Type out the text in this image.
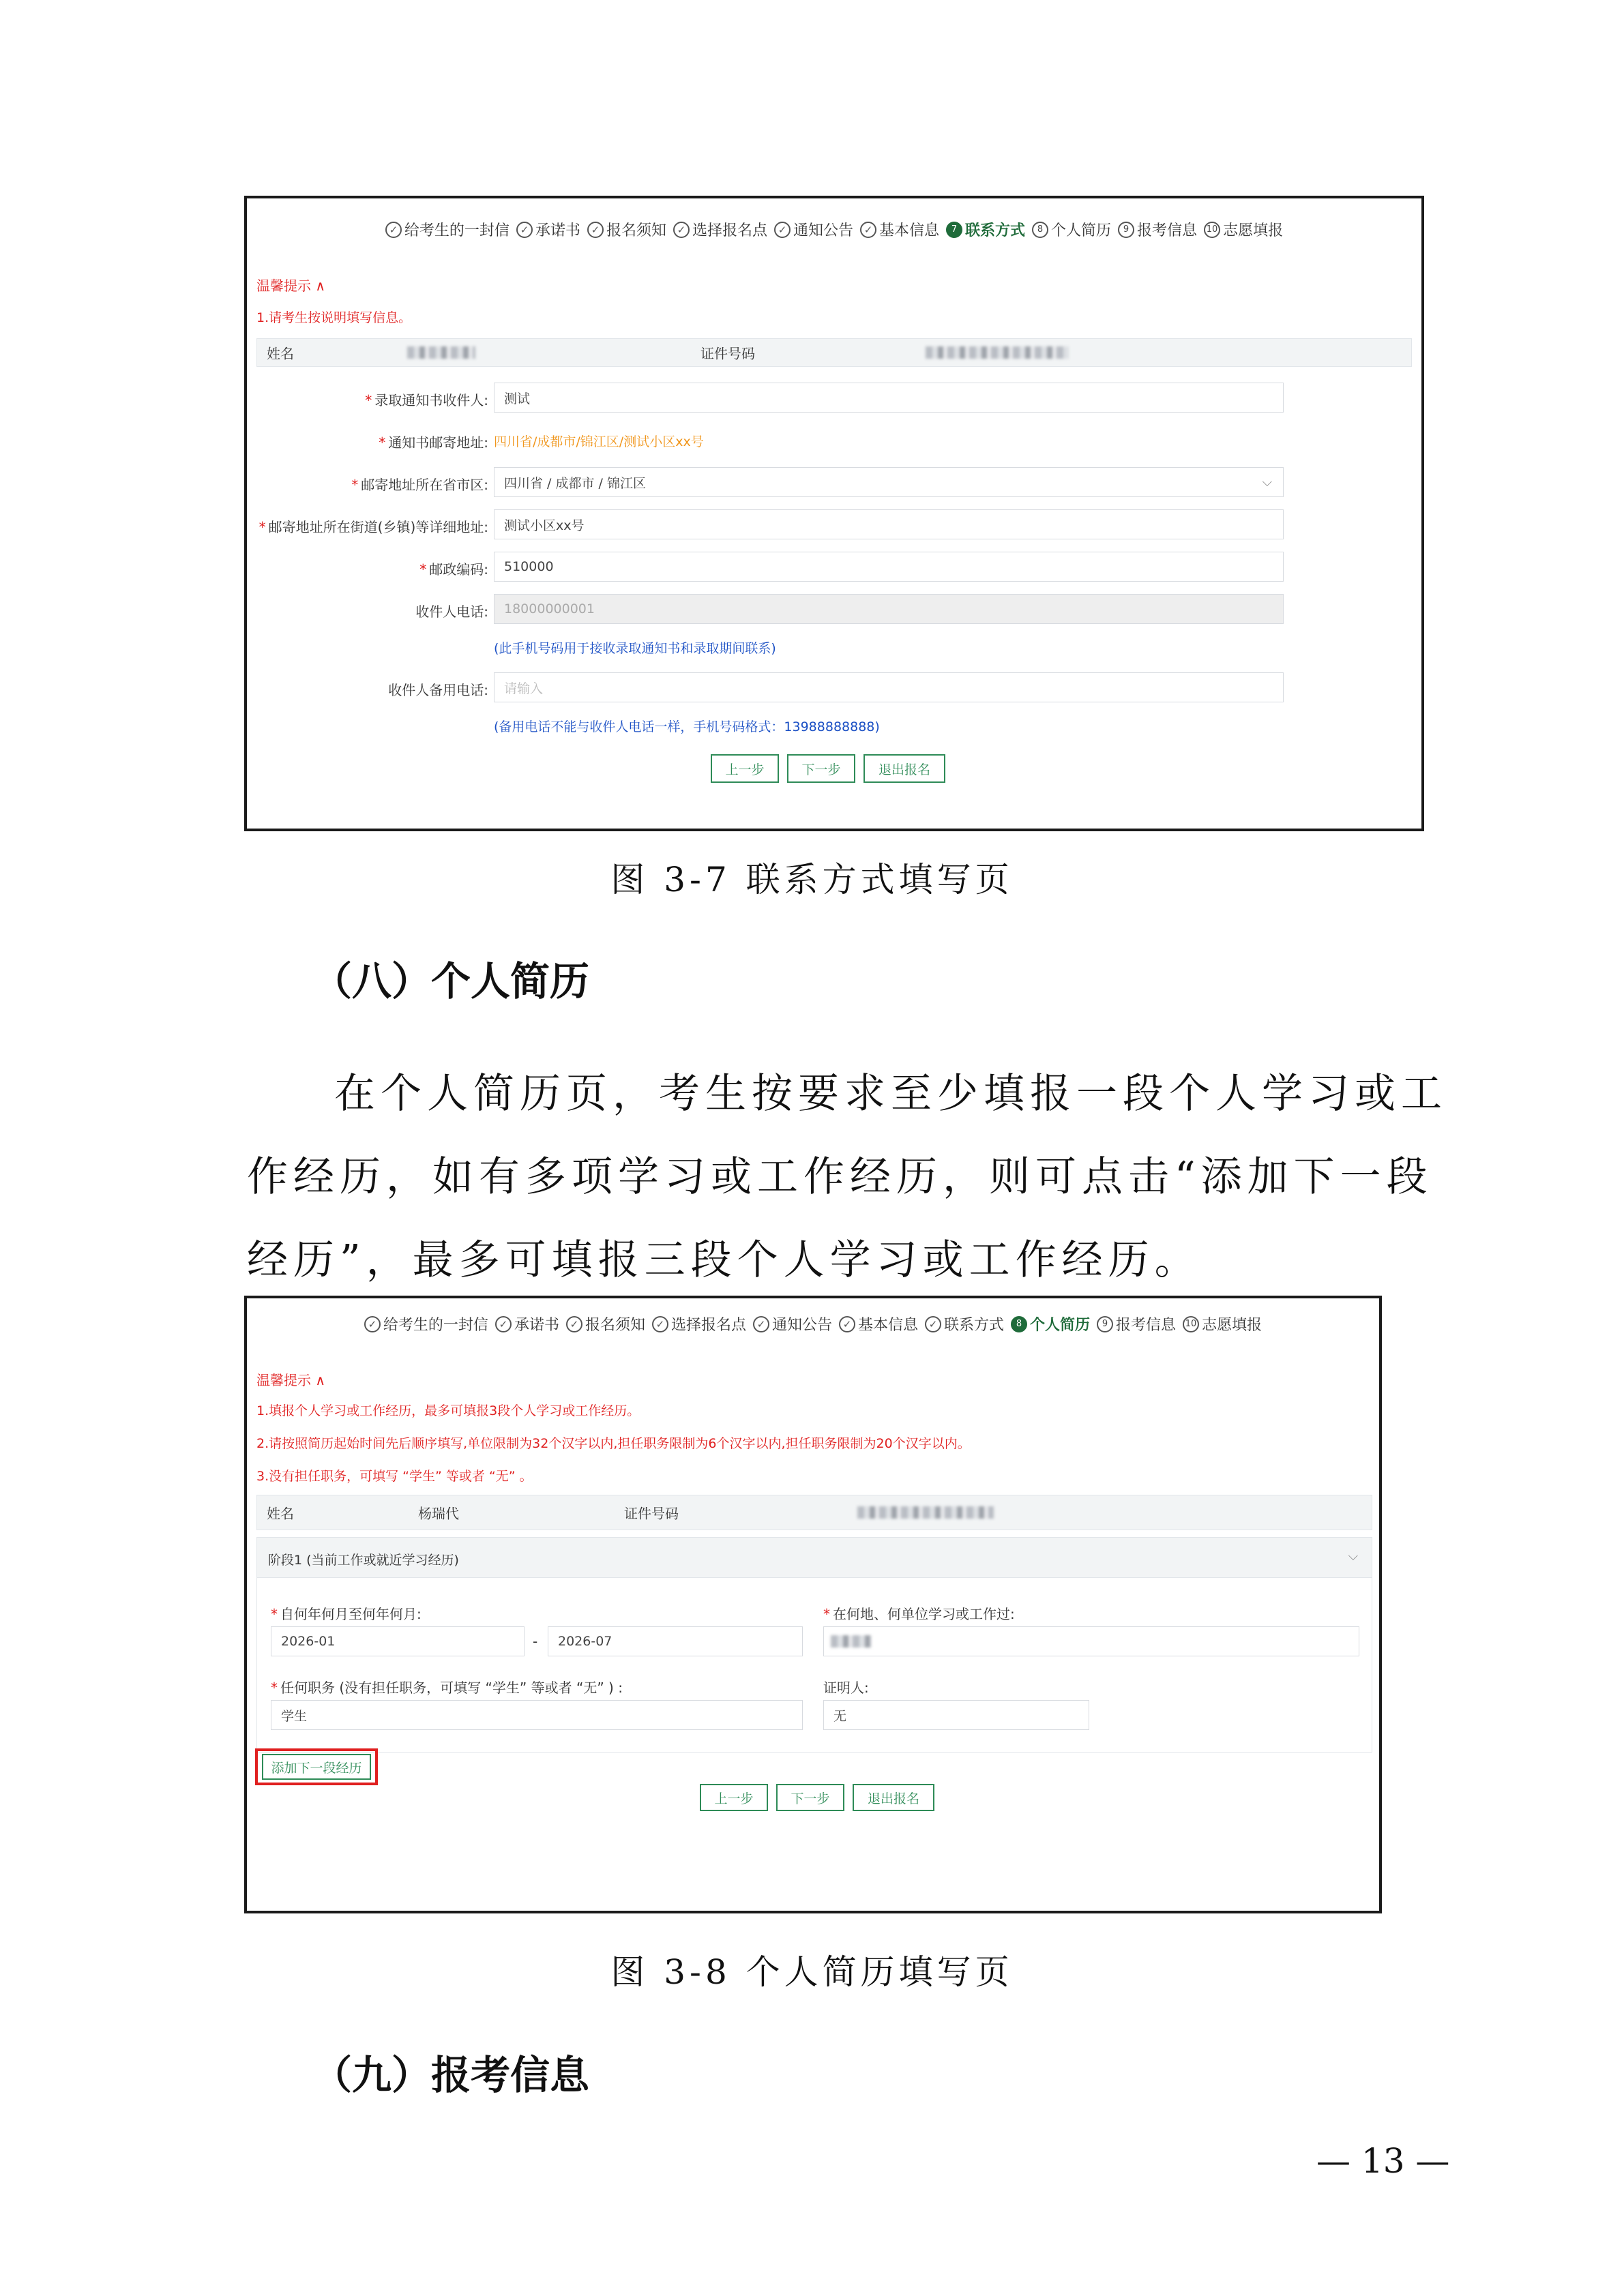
✓ 给考生的一封信	✓ 承诺书	✓ 报名须知	✓ 选择报名点	✓ 通知公告	✓ 基本信息	7 联系方式	8 个人简历	9 报考信息 10 志愿填报
温馨提示 ∧
1.请考生按说明填写信息。
姓名	证件号码
* 录取通知书收件人:	测试
* 通知书邮寄地址: 四川省/成都市/锦江区/测试小区xx号
* 邮寄地址所在省市区: 四川省 / 成都市 / 锦江区	⌵
* 邮寄地址所在街道(乡镇)等详细地址:	测试小区xx号
* 邮政编码:	510000
收件人电话:	18000000001
(此手机号码用于接收录取通知书和录取期间联系)
收件人备用电话:	请输入
(备用电话不能与收件人电话一样，手机号码格式：13988888888)
上一步	下一步	退出报名
图 3-7 联系方式填写页
（八）个人简历
在个人简历页，考生按要求至少填报一段个人学习或工
作经历，如有多项学习或工作经历，则可点击“添加下一段
经历”，最多可填报三段个人学习或工作经历。
✓ 给考生的一封信	✓ 承诺书	✓ 报名须知	✓ 选择报名点	✓ 通知公告	✓ 基本信息	✓ 联系方式	8 个人简历	9 报考信息 10 志愿填报
温馨提示 ∧
1.填报个人学习或工作经历，最多可填报3段个人学习或工作经历。
2.请按照简历起始时间先后顺序填写,单位限制为32个汉字以内,担任职务限制为6个汉字以内,担任职务限制为20个汉字以内。
3.没有担任职务，可填写 “学生” 等或者 “无” 。
姓名	杨瑞代	证件号码
阶段1 (当前工作或就近学习经历)	⌵
* 自何年何月至何年何月:
2026-01	-	2026-07
* 在何地、何单位学习或工作过:
* 任何职务 (没有担任职务，可填写 “学生” 等或者 “无” ) :
学生
证明人:
无
添加下一段经历
上一步	下一步	退出报名
图 3-8 个人简历填写页
（九）报考信息
— 13 —
